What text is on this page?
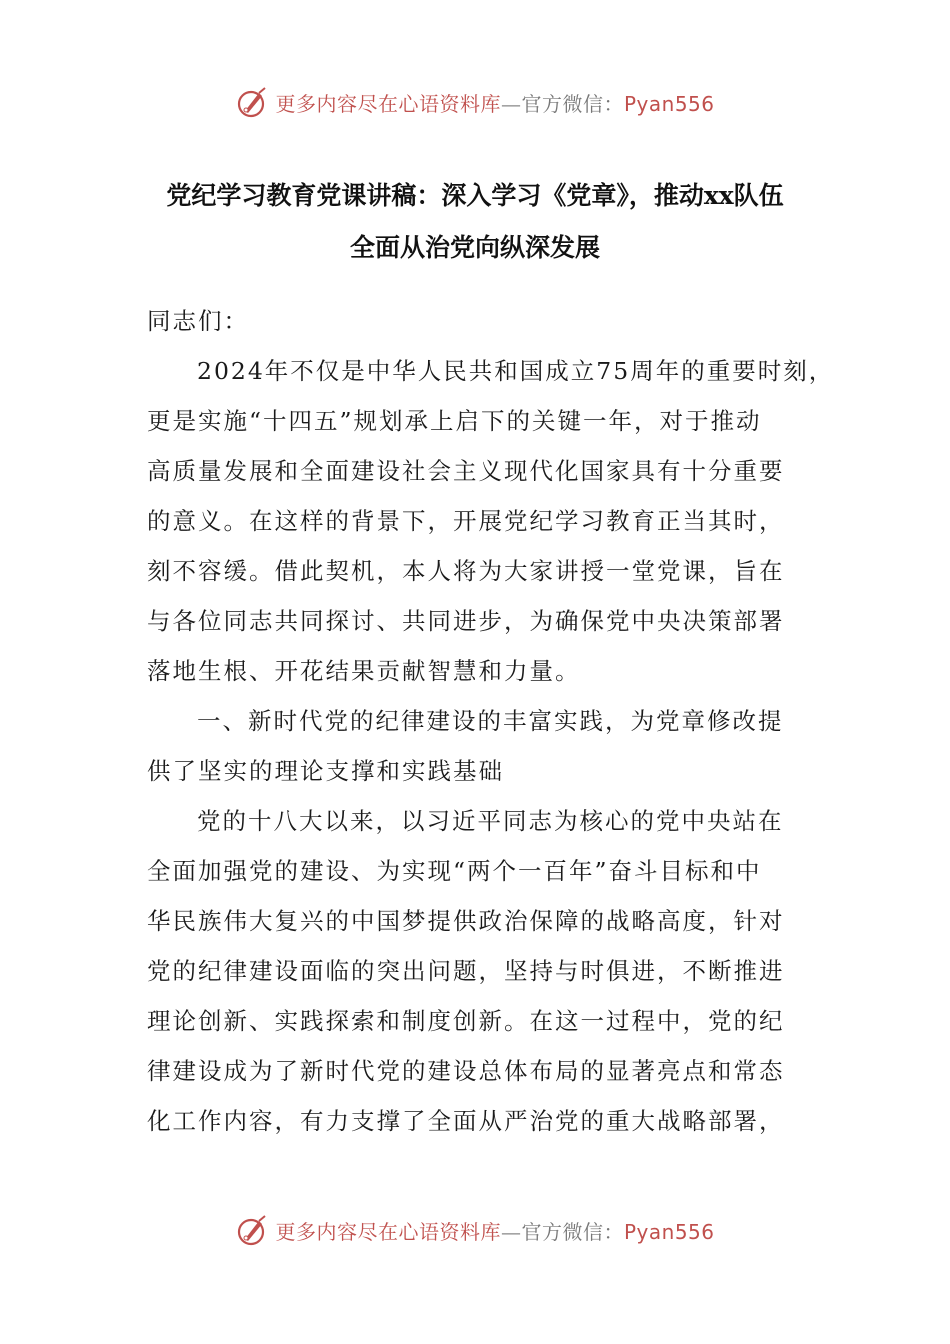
更多内容尽在心语资料库—官方微信：Pyan556
党纪学习教育党课讲稿：深入学习《党章》，推动xx队伍
全面从治党向纵深发展
同志们：
2024年不仅是中华人民共和国成立75周年的重要时刻，
更是实施“十四五”规划承上启下的关键一年，对于推动
高质量发展和全面建设社会主义现代化国家具有十分重要
的意义。在这样的背景下，开展党纪学习教育正当其时，
刻不容缓。借此契机，本人将为大家讲授一堂党课，旨在
与各位同志共同探讨、共同进步，为确保党中央决策部署
落地生根、开花结果贡献智慧和力量。
一、新时代党的纪律建设的丰富实践，为党章修改提
供了坚实的理论支撑和实践基础
党的十八大以来，以习近平同志为核心的党中央站在
全面加强党的建设、为实现“两个一百年”奋斗目标和中
华民族伟大复兴的中国梦提供政治保障的战略高度，针对
党的纪律建设面临的突出问题，坚持与时俱进，不断推进
理论创新、实践探索和制度创新。在这一过程中，党的纪
律建设成为了新时代党的建设总体布局的显著亮点和常态
化工作内容，有力支撑了全面从严治党的重大战略部署，
更多内容尽在心语资料库—官方微信：Pyan556
